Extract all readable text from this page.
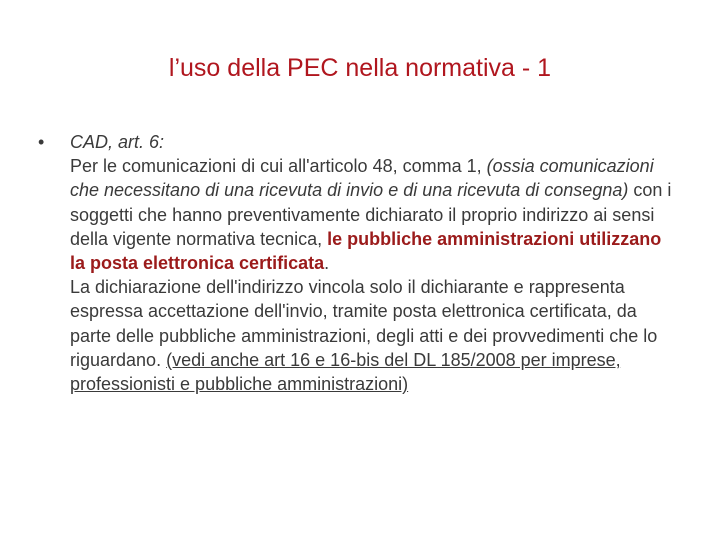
l’uso della PEC nella normativa - 1
•	CAD, art. 6:
Per le comunicazioni di cui all'articolo 48, comma 1, (ossia comunicazioni che necessitano di una ricevuta di invio e di una ricevuta di consegna) con i soggetti che hanno preventivamente dichiarato il proprio indirizzo ai sensi della vigente normativa tecnica, le pubbliche amministrazioni utilizzano la posta elettronica certificata.
La dichiarazione dell'indirizzo vincola solo il dichiarante e rappresenta espressa accettazione dell'invio, tramite posta elettronica certificata, da parte delle pubbliche amministrazioni, degli atti e dei provvedimenti che lo riguardano. (vedi anche art 16 e 16-bis del DL 185/2008 per imprese, professionisti e pubbliche amministrazioni)
